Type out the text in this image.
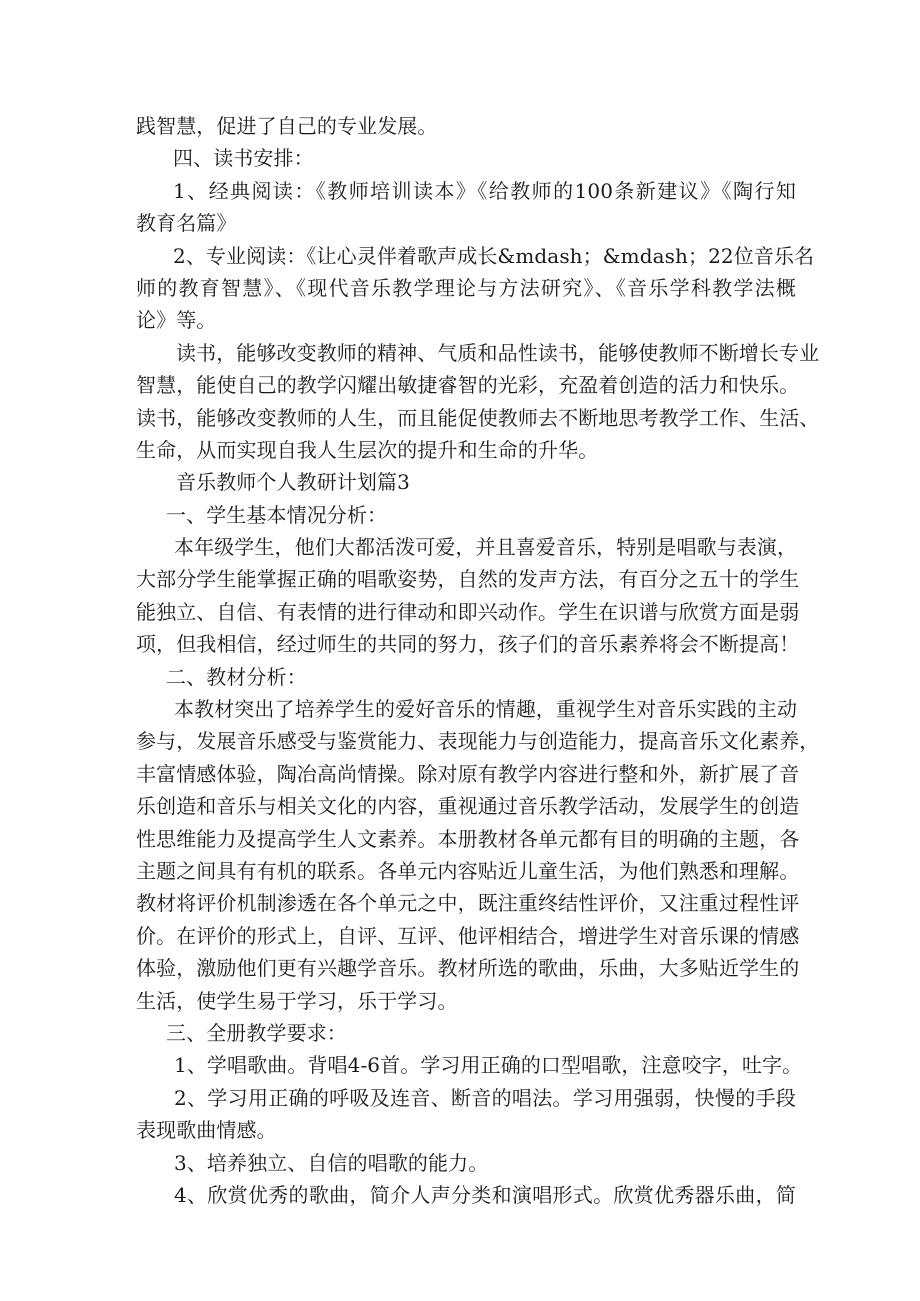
践智慧，促进了自己的专业发展。
四、读书安排：
1、经典阅读：《教师培训读本》《给教师的100条新建议》《陶行知
教育名篇》
2、专业阅读：《让心灵伴着歌声成长&mdash；&mdash；22位音乐名
师的教育智慧》、《现代音乐教学理论与方法研究》、《音乐学科教学法概
论》等。
读书，能够改变教师的精神、气质和品性读书，能够使教师不断增长专业
智慧，能使自己的教学闪耀出敏捷睿智的光彩，充盈着创造的活力和快乐。
读书，能够改变教师的人生，而且能促使教师去不断地思考教学工作、生活、
生命，从而实现自我人生层次的提升和生命的升华。
音乐教师个人教研计划篇3
一、学生基本情况分析：
本年级学生，他们大都活泼可爱，并且喜爱音乐，特别是唱歌与表演，
大部分学生能掌握正确的唱歌姿势，自然的发声方法，有百分之五十的学生
能独立、自信、有表情的进行律动和即兴动作。学生在识谱与欣赏方面是弱
项，但我相信，经过师生的共同的努力，孩子们的音乐素养将会不断提高！
二、教材分析：
本教材突出了培养学生的爱好音乐的情趣，重视学生对音乐实践的主动
参与，发展音乐感受与鉴赏能力、表现能力与创造能力，提高音乐文化素养，
丰富情感体验，陶冶高尚情操。除对原有教学内容进行整和外，新扩展了音
乐创造和音乐与相关文化的内容，重视通过音乐教学活动，发展学生的创造
性思维能力及提高学生人文素养。本册教材各单元都有目的明确的主题，各
主题之间具有有机的联系。各单元内容贴近儿童生活，为他们熟悉和理解。
教材将评价机制渗透在各个单元之中，既注重终结性评价，又注重过程性评
价。在评价的形式上，自评、互评、他评相结合，增进学生对音乐课的情感
体验，激励他们更有兴趣学音乐。教材所选的歌曲，乐曲，大多贴近学生的
生活，使学生易于学习，乐于学习。
三、全册教学要求：
1、学唱歌曲。背唱4-6首。学习用正确的口型唱歌，注意咬字，吐字。
2、学习用正确的呼吸及连音、断音的唱法。学习用强弱，快慢的手段
表现歌曲情感。
3、培养独立、自信的唱歌的能力。
4、欣赏优秀的歌曲，简介人声分类和演唱形式。欣赏优秀器乐曲，简
